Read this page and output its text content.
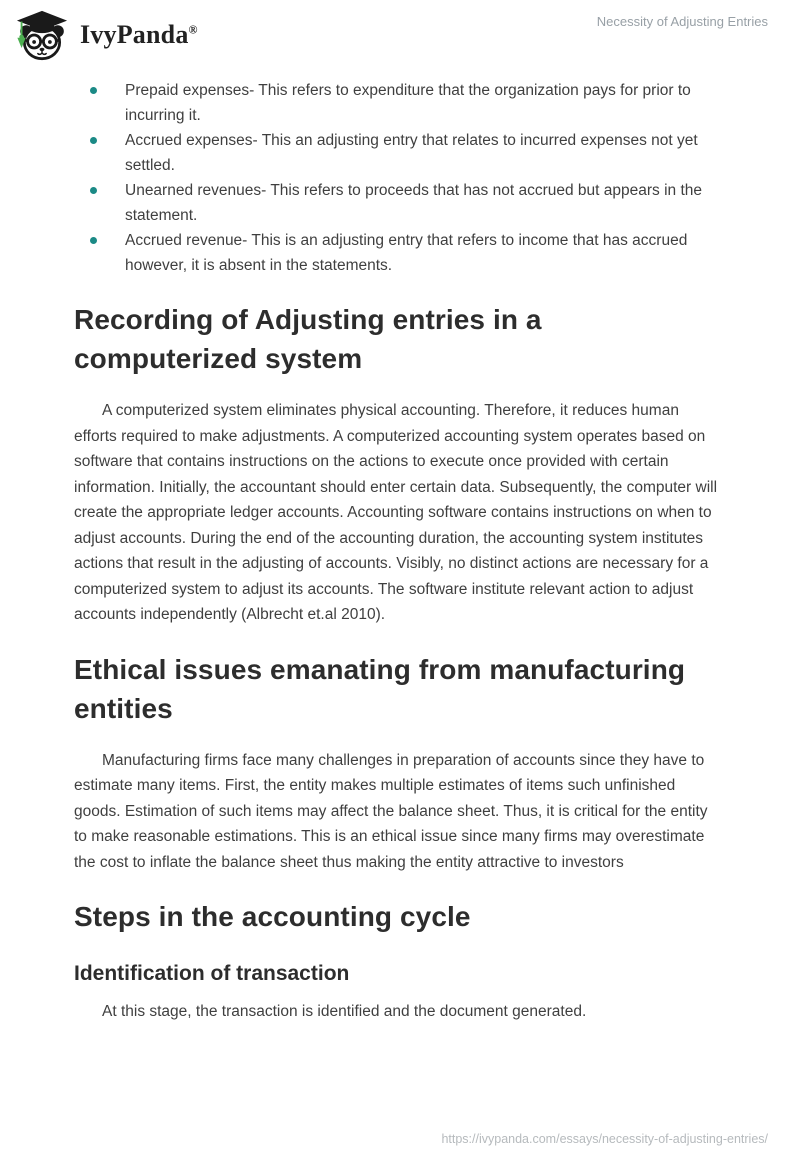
IvyPanda®	Necessity of Adjusting Entries
Prepaid expenses- This refers to expenditure that the organization pays for prior to incurring it.
Accrued expenses- This an adjusting entry that relates to incurred expenses not yet settled.
Unearned revenues- This refers to proceeds that has not accrued but appears in the statement.
Accrued revenue- This is an adjusting entry that refers to income that has accrued however, it is absent in the statements.
Recording of Adjusting entries in a computerized system

A computerized system eliminates physical accounting. Therefore, it reduces human efforts required to make adjustments. A computerized accounting system operates based on software that contains instructions on the actions to execute once provided with certain information. Initially, the accountant should enter certain data. Subsequently, the computer will create the appropriate ledger accounts. Accounting software contains instructions on when to adjust accounts. During the end of the accounting duration, the accounting system institutes actions that result in the adjusting of accounts. Visibly, no distinct actions are necessary for a computerized system to adjust its accounts. The software institute relevant action to adjust accounts independently (Albrecht et.al 2010).

Ethical issues emanating from manufacturing entities

Manufacturing firms face many challenges in preparation of accounts since they have to estimate many items. First, the entity makes multiple estimates of items such unfinished goods. Estimation of such items may affect the balance sheet. Thus, it is critical for the entity to make reasonable estimations. This is an ethical issue since many firms may overestimate the cost to inflate the balance sheet thus making the entity attractive to investors

Steps in the accounting cycle
Identification of transaction

At this stage, the transaction is identified and the document generated.

https://ivypanda.com/essays/necessity-of-adjusting-entries/
